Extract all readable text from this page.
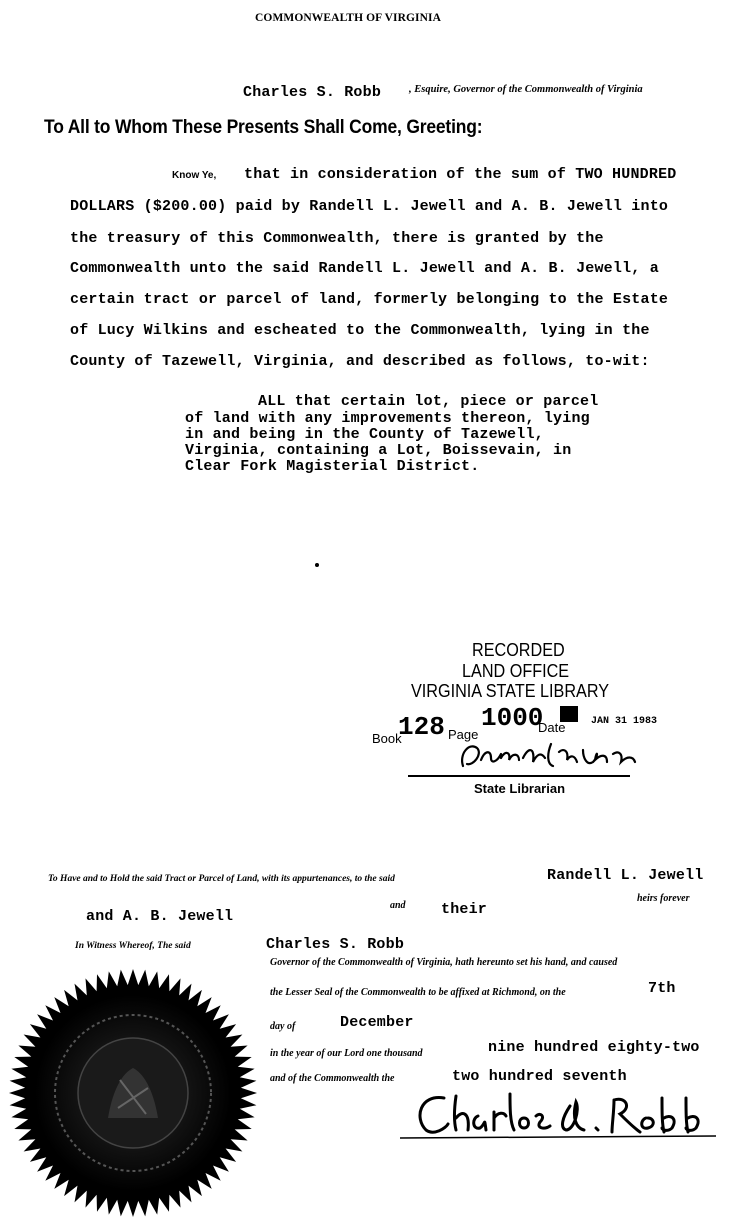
COMMONWEALTH OF VIRGINIA
Charles S. Robb	, Esquire, Governor of the Commonwealth of Virginia
To All to Whom These Presents Shall Come, Greeting:
Know Ye, that in consideration of the sum of TWO HUNDRED
DOLLARS ($200.00) paid by Randell L. Jewell and A. B. Jewell into
the treasury of this Commonwealth, there is granted by the
Commonwealth unto the said Randell L. Jewell and A. B. Jewell, a
certain tract or parcel of land, formerly belonging to the Estate
of Lucy Wilkins and escheated to the Commonwealth, lying in the
County of Tazewell, Virginia, and described as follows, to-wit:
ALL that certain lot, piece or parcel
of land with any improvements thereon, lying
in and being in the County of Tazewell,
Virginia, containing a Lot, Boissevain, in
Clear Fork Magisterial District.
RECORDED
LAND OFFICE
VIRGINIA STATE LIBRARY
Book
128 Page
1000
Date	JAN 31 1983
State Librarian
To Have and to Hold the said Tract or Parcel of Land, with its appurtenances, to the said	Randell L. Jewell
and A. B. Jewell
and their
heirs forever
In Witness Whereof, The said	Charles S. Robb
Governor of the Commonwealth of Virginia, hath hereunto set his hand, and caused
the Lesser Seal of the Commonwealth to be affixed at Richmond, on the	7th
day of	December
in the year of our Lord one thousand	nine hundred eighty-two
and of the Commonwealth the	two hundred seventh
